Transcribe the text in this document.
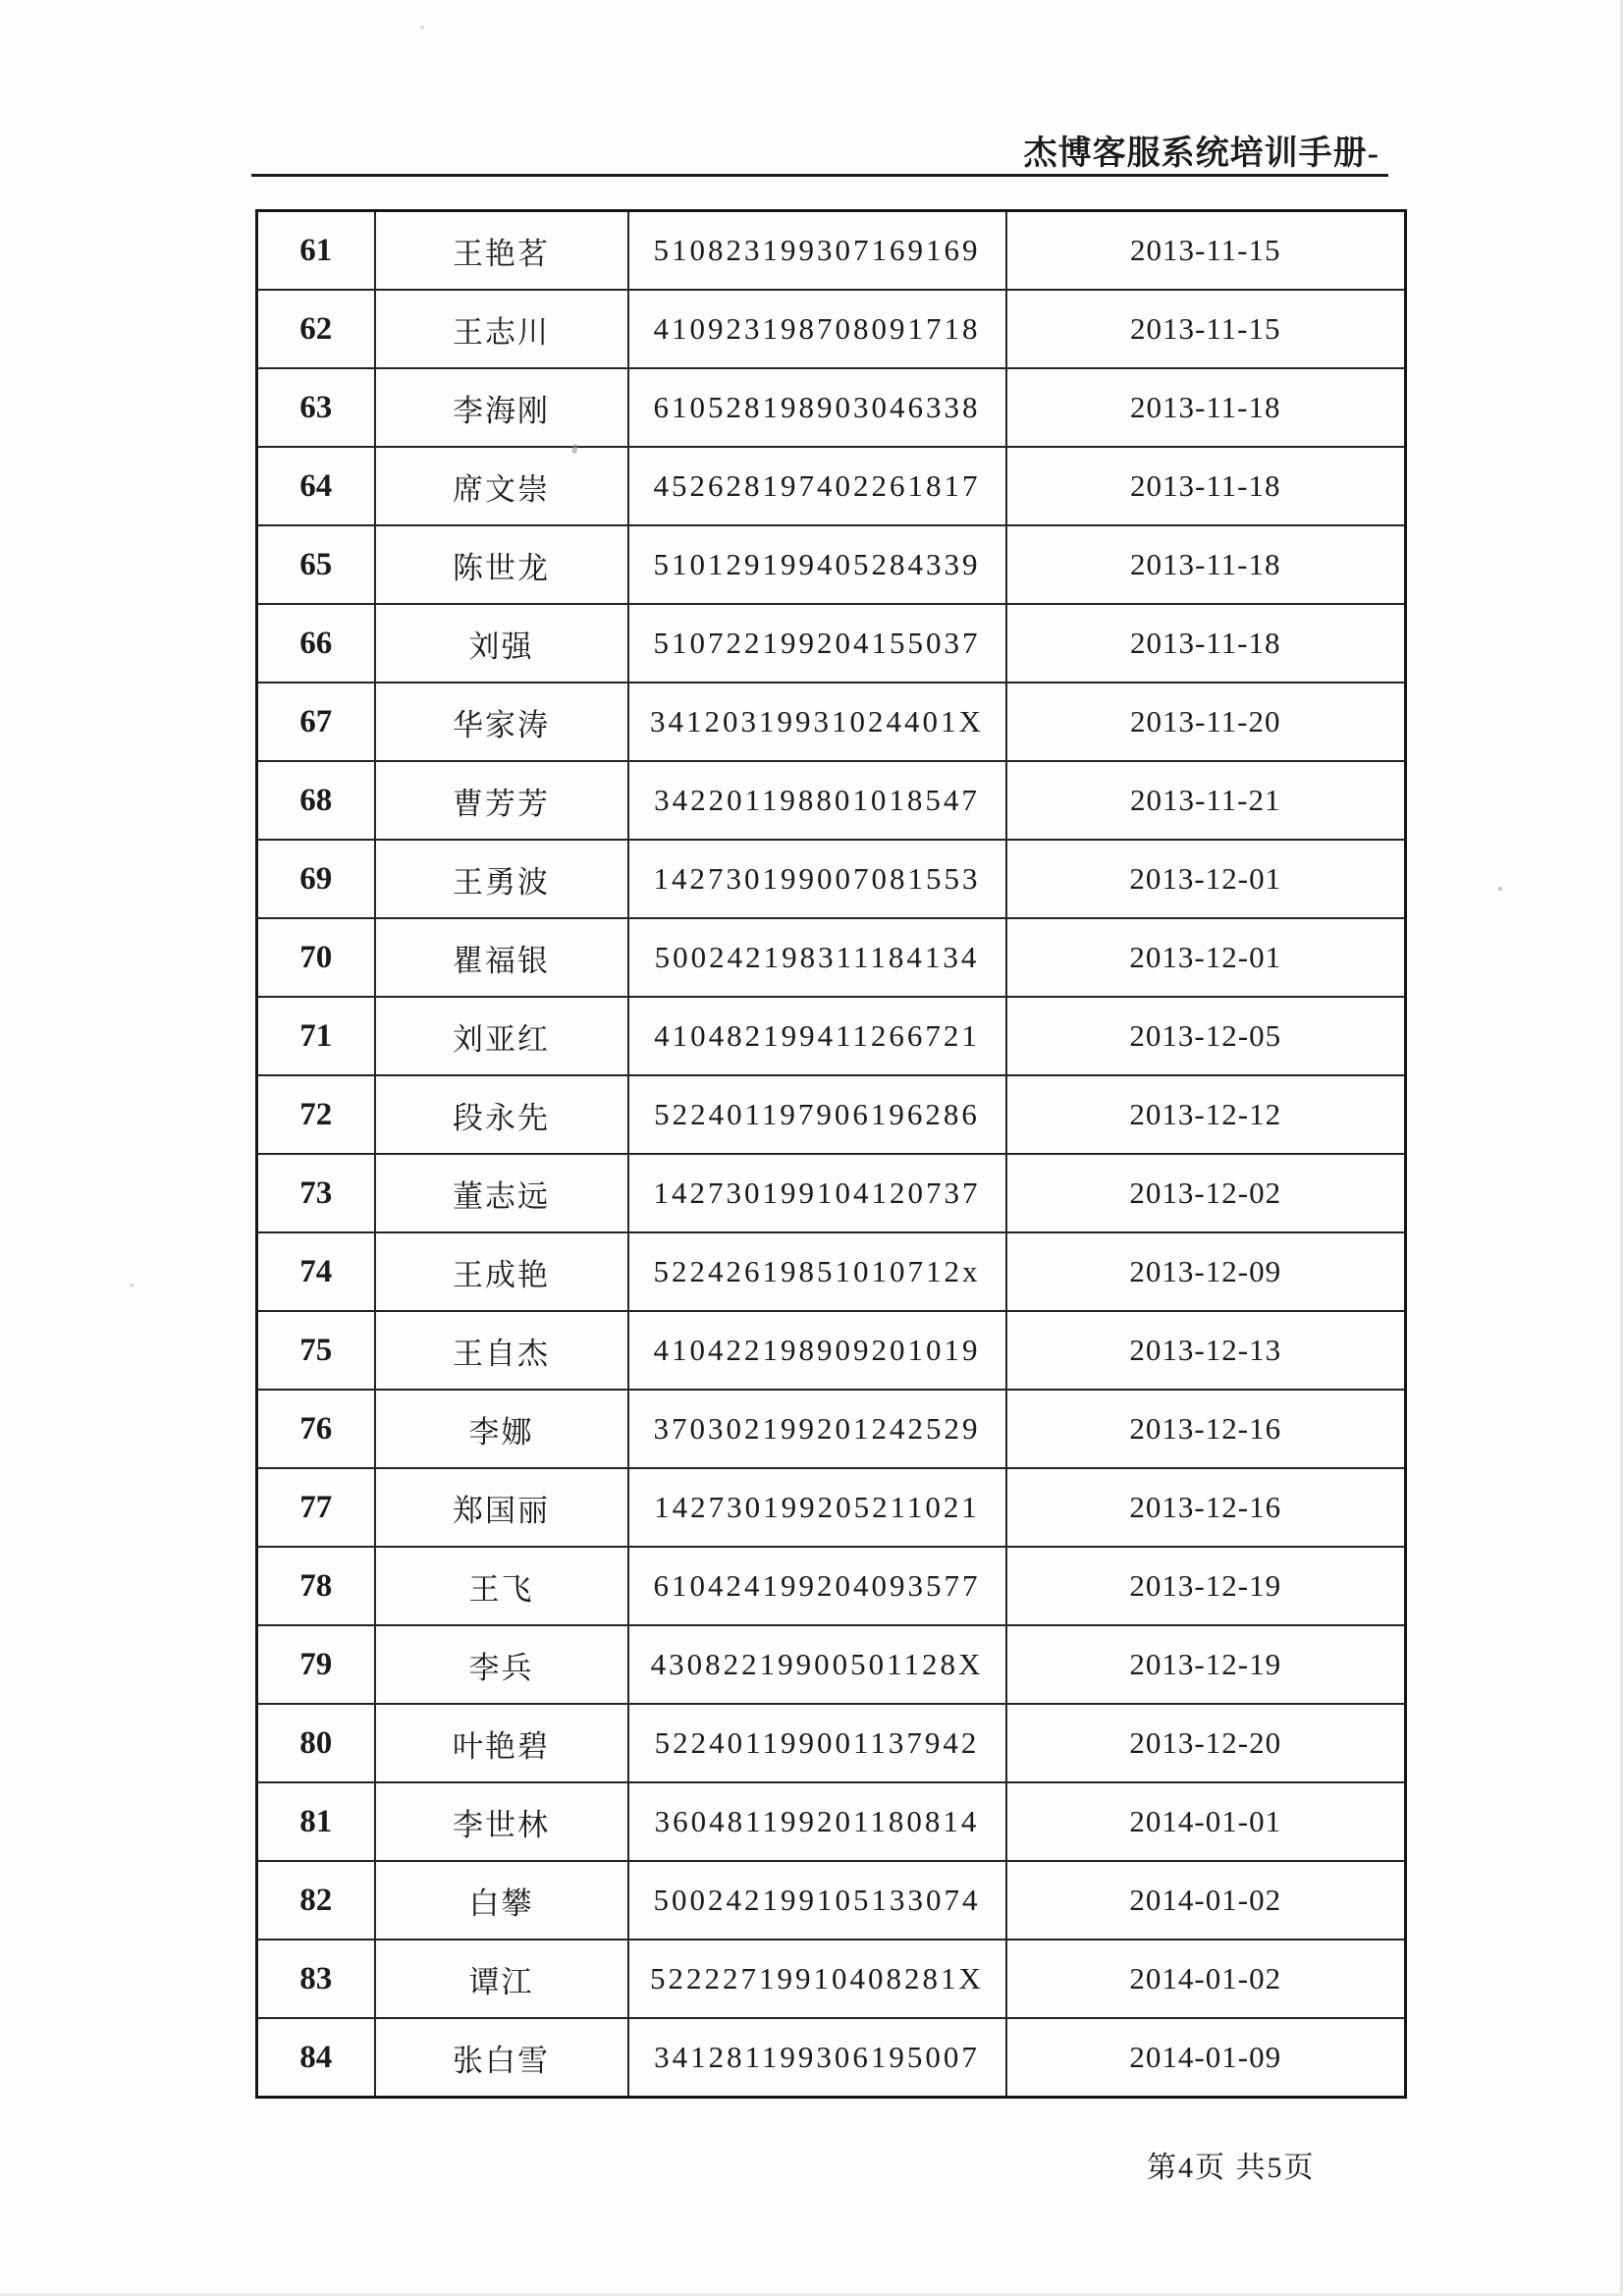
杰博客服系统培训手册-
61	王艳茗	510823199307169169	2013-11-15
62	王志川	410923198708091718	2013-11-15
63	李海刚	610528198903046338	2013-11-18
64	席文崇	452628197402261817	2013-11-18
65	陈世龙	510129199405284339	2013-11-18
66	刘强	510722199204155037	2013-11-18
67	华家涛	34120319931024401X	2013-11-20
68	曹芳芳	342201198801018547	2013-11-21
69	王勇波	142730199007081553	2013-12-01
70	瞿福银	500242198311184134	2013-12-01
71	刘亚红	410482199411266721	2013-12-05
72	段永先	522401197906196286	2013-12-12
73	董志远	142730199104120737	2013-12-02
74	王成艳	52242619851010712x	2013-12-09
75	王自杰	410422198909201019	2013-12-13
76	李娜	370302199201242529	2013-12-16
77	郑国丽	142730199205211021	2013-12-16
78	王飞	610424199204093577	2013-12-19
79	李兵	43082219900501128X	2013-12-19
80	叶艳碧	522401199001137942	2013-12-20
81	李世林	360481199201180814	2014-01-01
82	白攀	500242199105133074	2014-01-02
83	谭江	52222719910408281X	2014-01-02
84	张白雪	341281199306195007	2014-01-09
第4页 共5页
